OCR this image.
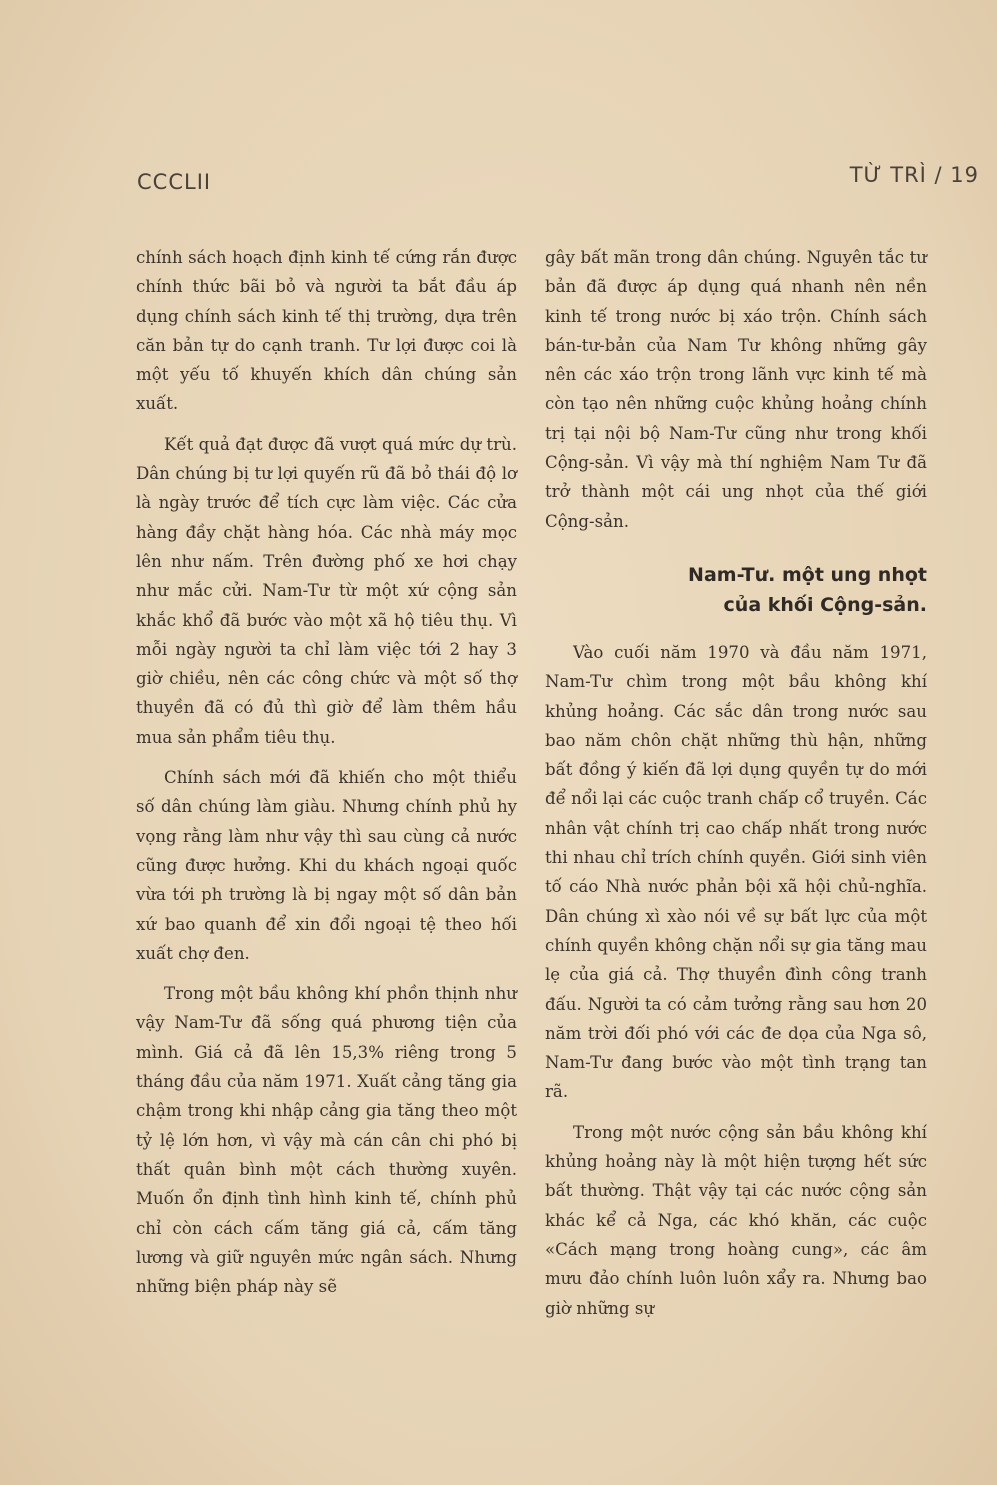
CCCLII	TỪ TRÌ / 19

chính sách hoạch định kinh tế cứng rắn được chính thức bãi bỏ và người ta bắt đầu áp dụng chính sách kinh tế thị trường, dựa trên căn bản tự do cạnh tranh. Tư lợi được coi là một yếu tố khuyến khích dân chúng sản xuất.

Kết quả đạt được đã vượt quá mức dự trù. Dân chúng bị tư lợi quyến rũ đã bỏ thái độ lơ là ngày trước để tích cực làm việc. Các cửa hàng đầy chặt hàng hóa. Các nhà máy mọc lên như nấm. Trên đường phố xe hơi chạy như mắc cửi. Nam-Tư từ một xứ cộng sản khắc khổ đã bước vào một xã hộ tiêu thụ. Vì mỗi ngày người ta chỉ làm việc tới 2 hay 3 giờ chiều, nên các công chức và một số thợ thuyền đã có đủ thì giờ để làm thêm hầu mua sản phẩm tiêu thụ.

Chính sách mới đã khiến cho một thiểu số dân chúng làm giàu. Nhưng chính phủ hy vọng rằng làm như vậy thì sau cùng cả nước cũng được hưởng. Khi du khách ngoại quốc vừa tới ph trường là bị ngay một số dân bản xứ bao quanh để xin đổi ngoại tệ theo hối xuất chợ đen.

Trong một bầu không khí phồn thịnh như vậy Nam-Tư đã sống quá phương tiện của mình. Giá cả đã lên 15,3% riêng trong 5 tháng đầu của năm 1971. Xuất cảng tăng gia chậm trong khi nhập cảng gia tăng theo một tỷ lệ lớn hơn, vì vậy mà cán cân chi phó bị thất quân bình một cách thường xuyên. Muốn ổn định tình hình kinh tế, chính phủ chỉ còn cách cấm tăng giá cả, cấm tăng lương và giữ nguyên mức ngân sách. Nhưng những biện pháp này sẽ

gây bất mãn trong dân chúng. Nguyên tắc tư bản đã được áp dụng quá nhanh nên nền kinh tế trong nước bị xáo trộn. Chính sách bán-tư-bản của Nam Tư không những gây nên các xáo trộn trong lãnh vực kinh tế mà còn tạo nên những cuộc khủng hoảng chính trị tại nội bộ Nam-Tư cũng như trong khối Cộng-sản. Vì vậy mà thí nghiệm Nam Tư đã trở thành một cái ung nhọt của thế giới Cộng-sản.

Nam-Tư. một ung nhọt
của khối Cộng-sản.

Vào cuối năm 1970 và đầu năm 1971, Nam-Tư chìm trong một bầu không khí khủng hoảng. Các sắc dân trong nước sau bao năm chôn chặt những thù hận, những bất đồng ý kiến đã lợi dụng quyền tự do mới để nổi lại các cuộc tranh chấp cổ truyền. Các nhân vật chính trị cao chấp nhất trong nước thi nhau chỉ trích chính quyền. Giới sinh viên tố cáo Nhà nước phản bội xã hội chủ-nghĩa. Dân chúng xì xào nói về sự bất lực của một chính quyền không chặn nổi sự gia tăng mau lẹ của giá cả. Thợ thuyền đình công tranh đấu. Người ta có cảm tưởng rằng sau hơn 20 năm trời đối phó với các đe dọa của Nga sô, Nam-Tư đang bước vào một tình trạng tan rã.

Trong một nước cộng sản bầu không khí khủng hoảng này là một hiện tượng hết sức bất thường. Thật vậy tại các nước cộng sản khác kể cả Nga, các khó khăn, các cuộc «Cách mạng trong hoàng cung», các âm mưu đảo chính luôn luôn xẩy ra. Nhưng bao giờ những sự
